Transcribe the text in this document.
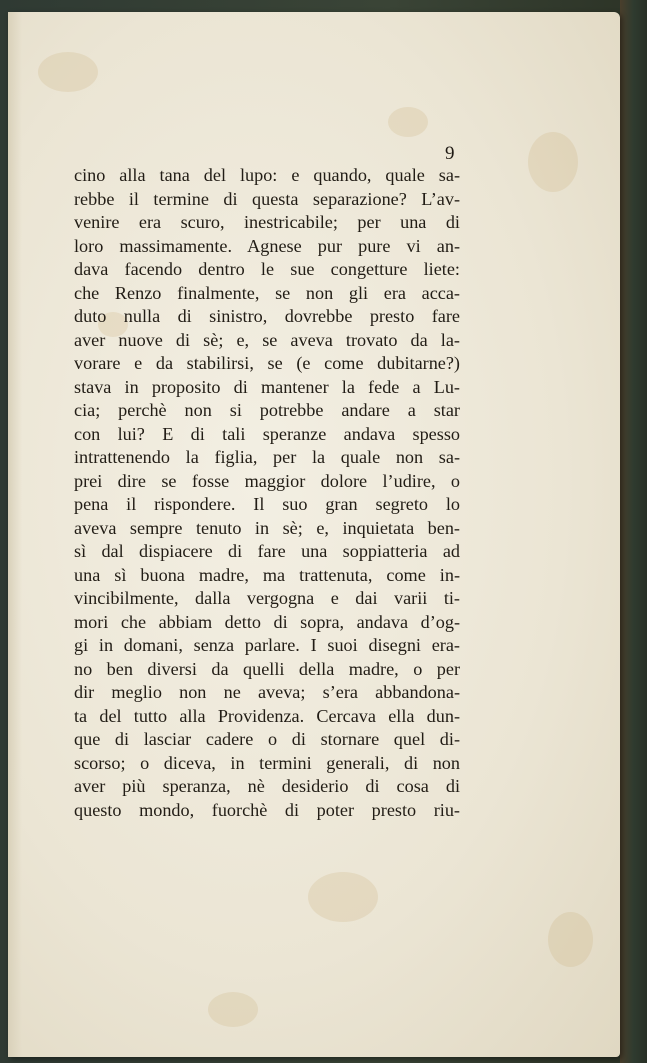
9
cino alla tana del lupo: e quando, quale sa-
rebbe il termine di questa separazione? L’av-
venire era scuro, inestricabile; per una di
loro massimamente. Agnese pur pure vi an-
dava facendo dentro le sue congetture liete:
che Renzo finalmente, se non gli era acca-
duto nulla di sinistro, dovrebbe presto fare
aver nuove di sè; e, se aveva trovato da la-
vorare e da stabilirsi, se (e come dubitarne?)
stava in proposito di mantener la fede a Lu-
cia; perchè non si potrebbe andare a star
con lui? E di tali speranze andava spesso
intrattenendo la figlia, per la quale non sa-
prei dire se fosse maggior dolore l’udire, o
pena il rispondere. Il suo gran segreto lo
aveva sempre tenuto in sè; e, inquietata ben-
sì dal dispiacere di fare una soppiatteria ad
una sì buona madre, ma trattenuta, come in-
vincibilmente, dalla vergogna e dai varii ti-
mori che abbiam detto di sopra, andava d’og-
gi in domani, senza parlare. I suoi disegni era-
no ben diversi da quelli della madre, o per
dir meglio non ne aveva; s’era abbandona-
ta del tutto alla Providenza. Cercava ella dun-
que di lasciar cadere o di stornare quel di-
scorso; o diceva, in termini generali, di non
aver più speranza, nè desiderio di cosa di
questo mondo, fuorchè di poter presto riu-
